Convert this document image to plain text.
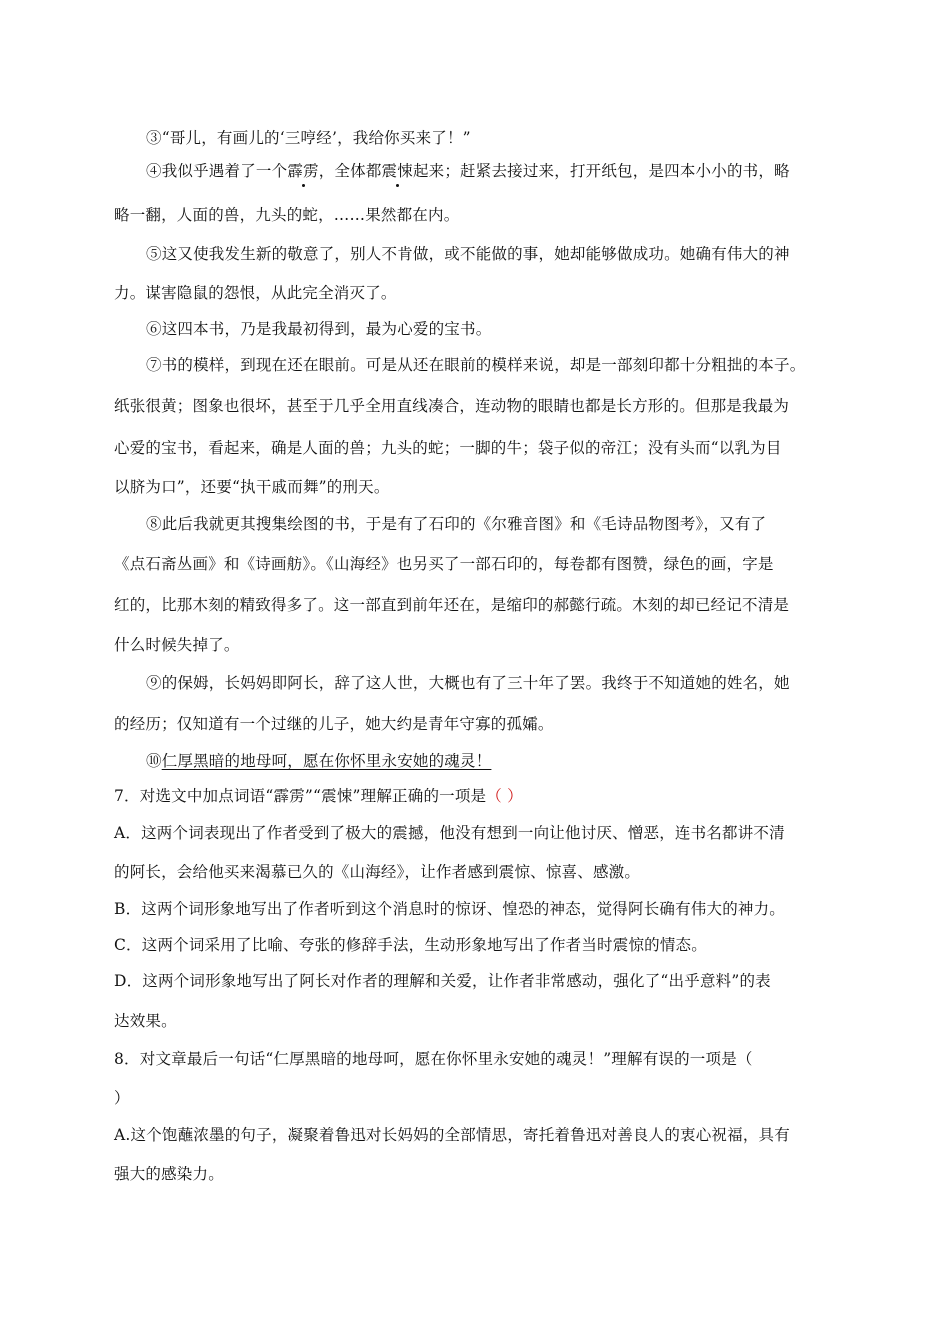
③“哥儿，有画儿的‘三哼经’，我给你买来了！”
④我似乎遇着了一个霹雳，全体都震悚起来；赶紧去接过来，打开纸包，是四本小小的书，略
略一翻，人面的兽，九头的蛇，……果然都在内。
⑤这又使我发生新的敬意了，别人不肯做，或不能做的事，她却能够做成功。她确有伟大的神
力。谋害隐鼠的怨恨，从此完全消灭了。
⑥这四本书，乃是我最初得到，最为心爱的宝书。
⑦书的模样，到现在还在眼前。可是从还在眼前的模样来说，却是一部刻印都十分粗拙的本子。
纸张很黄；图象也很坏，甚至于几乎全用直线凑合，连动物的眼睛也都是长方形的。但那是我最为
心爱的宝书，看起来，确是人面的兽；九头的蛇；一脚的牛；袋子似的帝江；没有头而“以乳为目
以脐为口”，还要“执干戚而舞”的刑天。
⑧此后我就更其搜集绘图的书，于是有了石印的《尔雅音图》和《毛诗品物图考》，又有了
《点石斋丛画》和《诗画舫》。《山海经》也另买了一部石印的，每卷都有图赞，绿色的画，字是
红的，比那木刻的精致得多了。这一部直到前年还在，是缩印的郝懿行疏。木刻的却已经记不清是
什么时候失掉了。
⑨的保姆，长妈妈即阿长，辞了这人世，大概也有了三十年了罢。我终于不知道她的姓名，她
的经历；仅知道有一个过继的儿子，她大约是青年守寡的孤孀。
⑩仁厚黑暗的地母呵，愿在你怀里永安她的魂灵！
7．对选文中加点词语“霹雳”“震悚”理解正确的一项是（ ）
A．这两个词表现出了作者受到了极大的震撼，他没有想到一向让他讨厌、憎恶，连书名都讲不清
的阿长，会给他买来渴慕已久的《山海经》，让作者感到震惊、惊喜、感激。
B．这两个词形象地写出了作者听到这个消息时的惊讶、惶恐的神态，觉得阿长确有伟大的神力。
C．这两个词采用了比喻、夸张的修辞手法，生动形象地写出了作者当时震惊的情态。
D．这两个词形象地写出了阿长对作者的理解和关爱，让作者非常感动，强化了“出乎意料”的表
达效果。
8．对文章最后一句话“仁厚黑暗的地母呵，愿在你怀里永安她的魂灵！”理解有误的一项是（
）
A.这个饱蘸浓墨的句子，凝聚着鲁迅对长妈妈的全部情思，寄托着鲁迅对善良人的衷心祝福，具有
强大的感染力。
